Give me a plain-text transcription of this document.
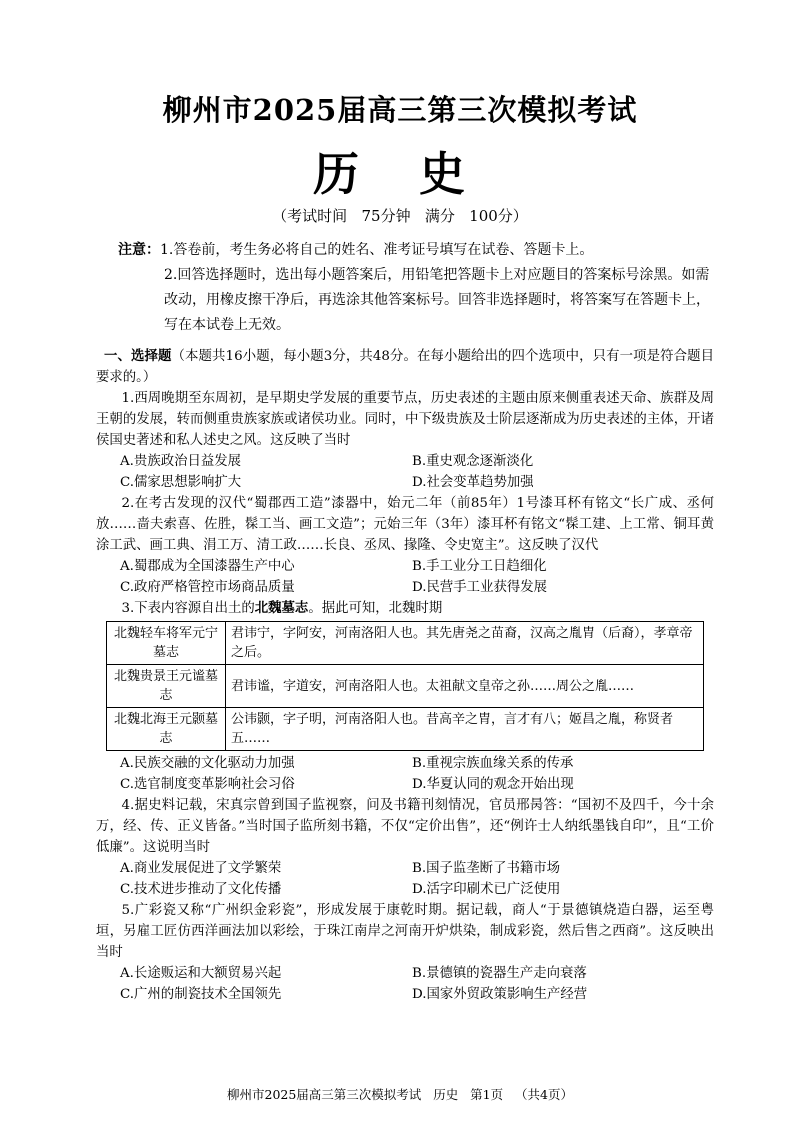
柳州市2025届高三第三次模拟考试
历 史
（考试时间   75分钟   满分   100分）
注意： 1.答卷前，考生务必将自己的姓名、准考证号填写在试卷、答题卡上。
2.回答选择题时，选出每小题答案后，用铅笔把答题卡上对应题目的答案标号涂黑。如需改动，用橡皮擦干净后，再选涂其他答案标号。回答非选择题时，将答案写在答题卡上，写在本试卷上无效。

一、选择题（本题共16小题，每小题3分，共48分。在每小题给出的四个选项中，只有一项是符合题目要求的。）

1.西周晚期至东周初，是早期史学发展的重要节点，历史表述的主题由原来侧重表述天命、族群及周王朝的发展，转而侧重贵族家族或诸侯功业。同时，中下级贵族及士阶层逐渐成为历史表述的主体，开诸侯国史著述和私人述史之风。这反映了当时

A.贵族政治日益发展	B.重史观念逐渐淡化
C.儒家思想影响扩大	D.社会变革趋势加强

2.在考古发现的汉代“蜀郡西工造”漆器中，始元二年（前85年）1号漆耳杯有铭文“长广成、丞何放……啬夫索喜、佐胜，髹工当、画工文造”；元始三年（3年）漆耳杯有铭文“髹工建、上工常、铜耳黄涂工武、画工典、涓工万、清工政……长良、丞凤、掾隆、令史宽主”。这反映了汉代

A.蜀郡成为全国漆器生产中心	B.手工业分工日趋细化
C.政府严格管控市场商品质量	D.民营手工业获得发展

3.下表内容源自出土的北魏墓志。据此可知，北魏时期

北魏轻车将军元宁墓志	君讳宁，字阿安，河南洛阳人也。其先唐尧之苗裔，汉高之胤胄（后裔），孝章帝之后。
北魏贵景王元谧墓志	君讳谧，字道安，河南洛阳人也。太祖献文皇帝之孙……周公之胤……
北魏北海王元颢墓志	公讳颢，字子明，河南洛阳人也。昔高辛之胄，言才有八；姬昌之胤，称贤者五……
A.民族交融的文化驱动力加强	B.重视宗族血缘关系的传承
C.选官制度变革影响社会习俗	D.华夏认同的观念开始出现

4.据史料记载，宋真宗曾到国子监视察，问及书籍刊刻情况，官员邢昺答：“国初不及四千，今十余万，经、传、正义皆备。”当时国子监所刻书籍，不仅“定价出售”，还“例许士人纳纸墨钱自印”，且“工价低廉”。这说明当时

A.商业发展促进了文学繁荣	B.国子监垄断了书籍市场
C.技术进步推动了文化传播	D.活字印刷术已广泛使用

5.广彩瓷又称“广州织金彩瓷”，形成发展于康乾时期。据记载，商人“于景德镇烧造白器，运至粤垣，另雇工匠仿西洋画法加以彩绘，于珠江南岸之河南开炉烘染，制成彩瓷，然后售之西商”。这反映出当时

A.长途贩运和大额贸易兴起	B.景德镇的瓷器生产走向衰落
C.广州的制瓷技术全国领先	D.国家外贸政策影响生产经营
柳州市2025届高三第三次模拟考试   历史   第1页   （共4页）
